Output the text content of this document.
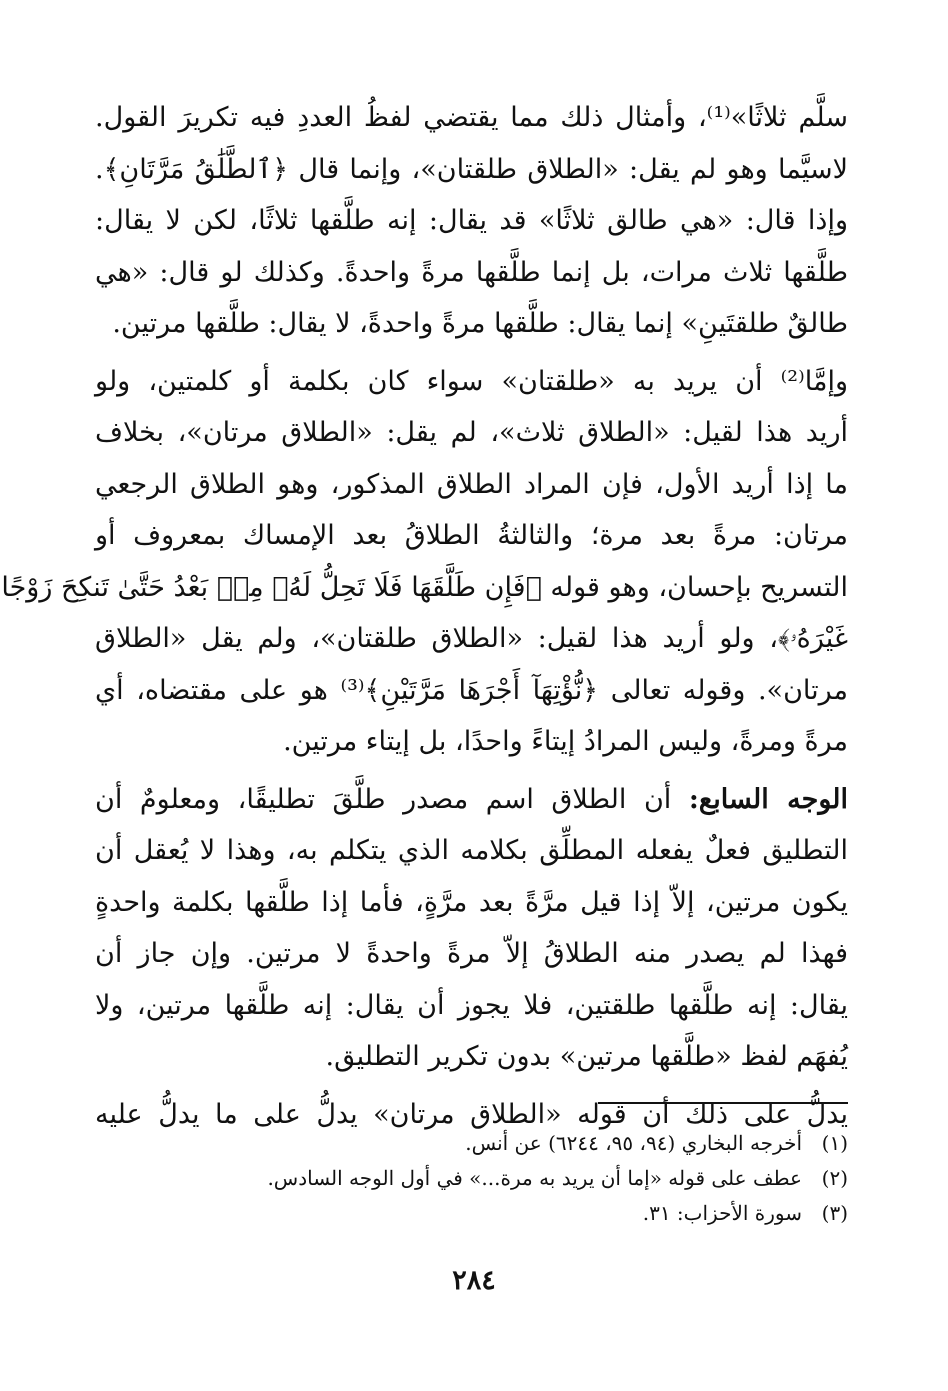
سلَّم ثلاثًا»⁽¹⁾، وأمثال ذلك مما يقتضي لفظُ العددِ فيه تكريرَ القول.
لاسيَّما وهو لم يقل: «الطلاق طلقتان»، وإنما قال ﴿ٱلطَّلَٰقُ مَرَّتَانِ﴾.
وإذا قال: «هي طالق ثلاثًا» قد يقال: إنه طلَّقها ثلاثًا، لكن لا يقال:
طلَّقها ثلاث مرات، بل إنما طلَّقها مرةً واحدةً. وكذلك لو قال: «هي
طالقٌ طلقتَينِ» إنما يقال: طلَّقها مرةً واحدةً، لا يقال: طلَّقها مرتين.
وإمَّا⁽²⁾ أن يريد به «طلقتان» سواء كان بكلمة أو كلمتين، ولو
أريد هذا لقيل: «الطلاق ثلاث»، لم يقل: «الطلاق مرتان»، بخلاف
ما إذا أريد الأول، فإن المراد الطلاق المذكور، وهو الطلاق الرجعي
مرتان: مرةً بعد مرة؛ والثالثةُ الطلاقُ بعد الإمساك بمعروف أو
التسريح بإحسان، وهو قوله ﴿فَإِن طَلَّقَهَا فَلَا تَحِلُّ لَهُۥ مِنۢ بَعْدُ حَتَّىٰ تَنكِحَ زَوْجًا
غَيْرَهُۥ﴾، ولو أريد هذا لقيل: «الطلاق طلقتان»، ولم يقل «الطلاق
مرتان». وقوله تعالى ﴿نُّؤْتِهَآ أَجْرَهَا مَرَّتَيْنِ﴾⁽³⁾ هو على مقتضاه، أي
مرةً ومرةً، وليس المرادُ إيتاءً واحدًا، بل إيتاء مرتين.
الوجه السابع: أن الطلاق اسم مصدر طلَّقَ تطليقًا، ومعلومٌ أن
التطليق فعلٌ يفعله المطلِّق بكلامه الذي يتكلم به، وهذا لا يُعقل أن
يكون مرتين، إلاّ إذا قيل مرَّةً بعد مرَّةٍ، فأما إذا طلَّقها بكلمة واحدةٍ
فهذا لم يصدر منه الطلاقُ إلاّ مرةً واحدةً لا مرتين. وإن جاز أن
يقال: إنه طلَّقها طلقتين، فلا يجوز أن يقال: إنه طلَّقها مرتين، ولا
يُفهَم لفظ «طلَّقها مرتين» بدون تكرير التطليق.
يدلُّ على ذلك أن قوله «الطلاق مرتان» يدلُّ على ما يدلُّ عليه
(١)أخرجه البخاري (٩٤، ٩٥، ٦٢٤٤) عن أنس.
(٢)عطف على قوله «إما أن يريد به مرة...» في أول الوجه السادس.
(٣)سورة الأحزاب: ٣١.
٢٨٤
